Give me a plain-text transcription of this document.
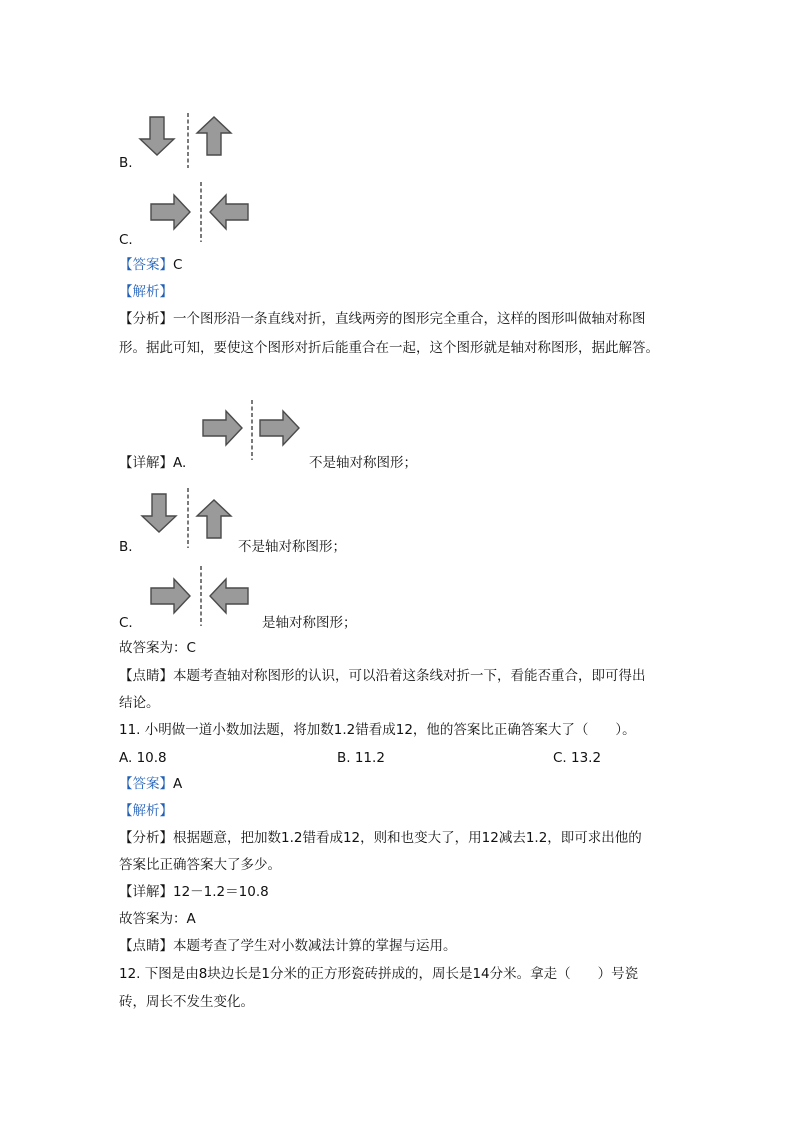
B.
C.
【答案】C
【解析】
【分析】一个图形沿一条直线对折，直线两旁的图形完全重合，这样的图形叫做轴对称图
形。据此可知，要使这个图形对折后能重合在一起，这个图形就是轴对称图形，据此解答。
【详解】A.	不是轴对称图形；
B.	不是轴对称图形；
C.	是轴对称图形；
故答案为：C
【点睛】本题考查轴对称图形的认识，可以沿着这条线对折一下，看能否重合，即可得出
结论。
11. 小明做一道小数加法题，将加数1.2错看成12，他的答案比正确答案大了（　　）。
A. 10.8	B. 11.2	C. 13.2
【答案】A
【解析】
【分析】根据题意，把加数1.2错看成12，则和也变大了，用12减去1.2，即可求出他的
答案比正确答案大了多少。
【详解】12－1.2＝10.8
故答案为：A
【点睛】本题考查了学生对小数减法计算的掌握与运用。
12. 下图是由8块边长是1分米的正方形瓷砖拼成的，周长是14分米。拿走（　　）号瓷
砖，周长不发生变化。
